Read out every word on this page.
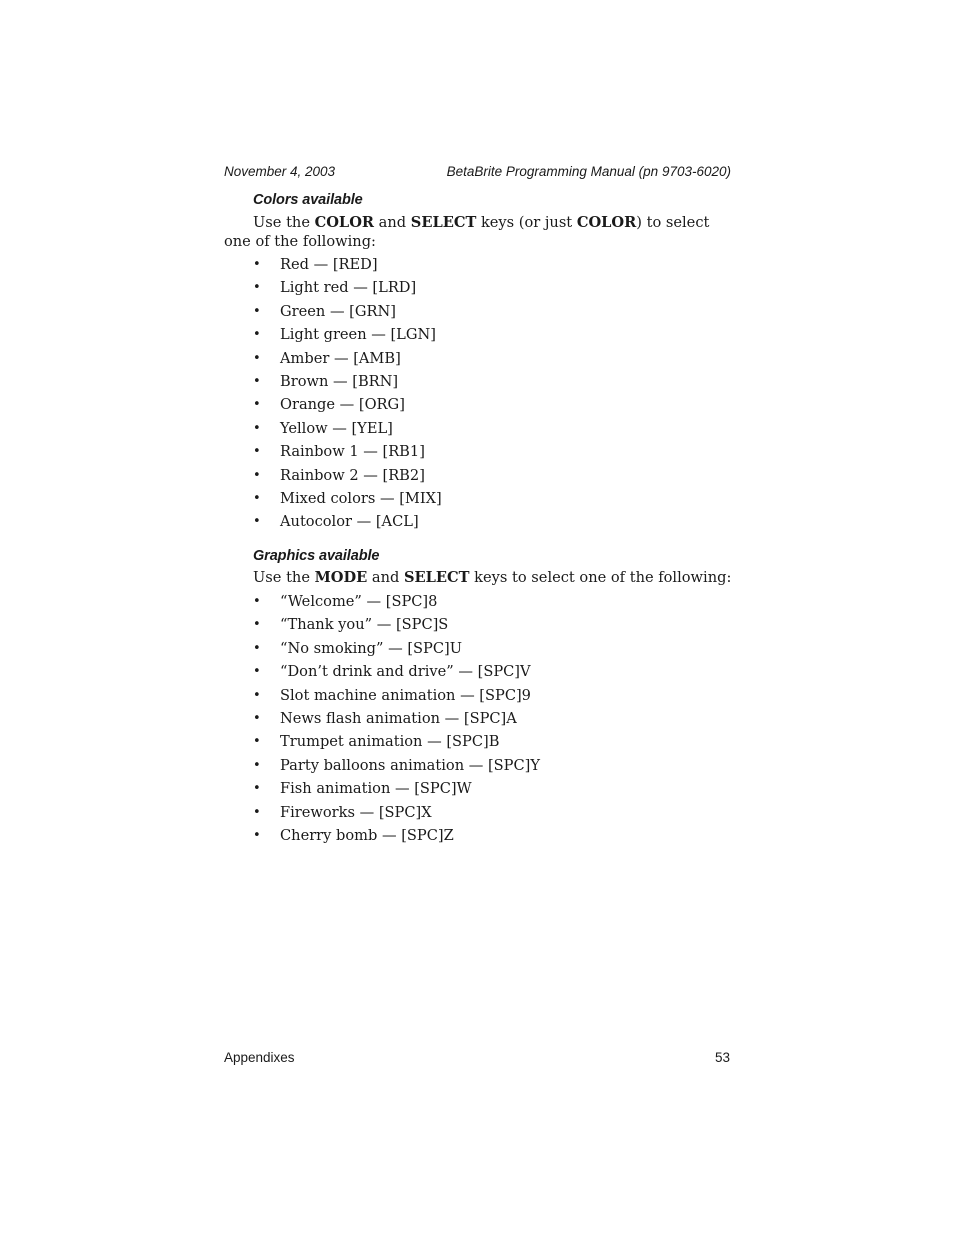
November 4, 2003	BetaBrite Programming Manual (pn 9703-6020)
Colors available
Use the COLOR and SELECT keys (or just COLOR) to select one of the following:
• Red — [RED]
• Light red — [LRD]
• Green — [GRN]
• Light green — [LGN]
• Amber — [AMB]
• Brown — [BRN]
• Orange — [ORG]
• Yellow — [YEL]
• Rainbow 1 — [RB1]
• Rainbow 2 — [RB2]
• Mixed colors — [MIX]
• Autocolor — [ACL]
Graphics available
Use the MODE and SELECT keys to select one of the following:
• “Welcome” — [SPC]8
• “Thank you” — [SPC]S
• “No smoking” — [SPC]U
• “Don’t drink and drive” — [SPC]V
• Slot machine animation — [SPC]9
• News flash animation — [SPC]A
• Trumpet animation — [SPC]B
• Party balloons animation — [SPC]Y
• Fish animation — [SPC]W
• Fireworks — [SPC]X
• Cherry bomb — [SPC]Z
Appendixes	53
